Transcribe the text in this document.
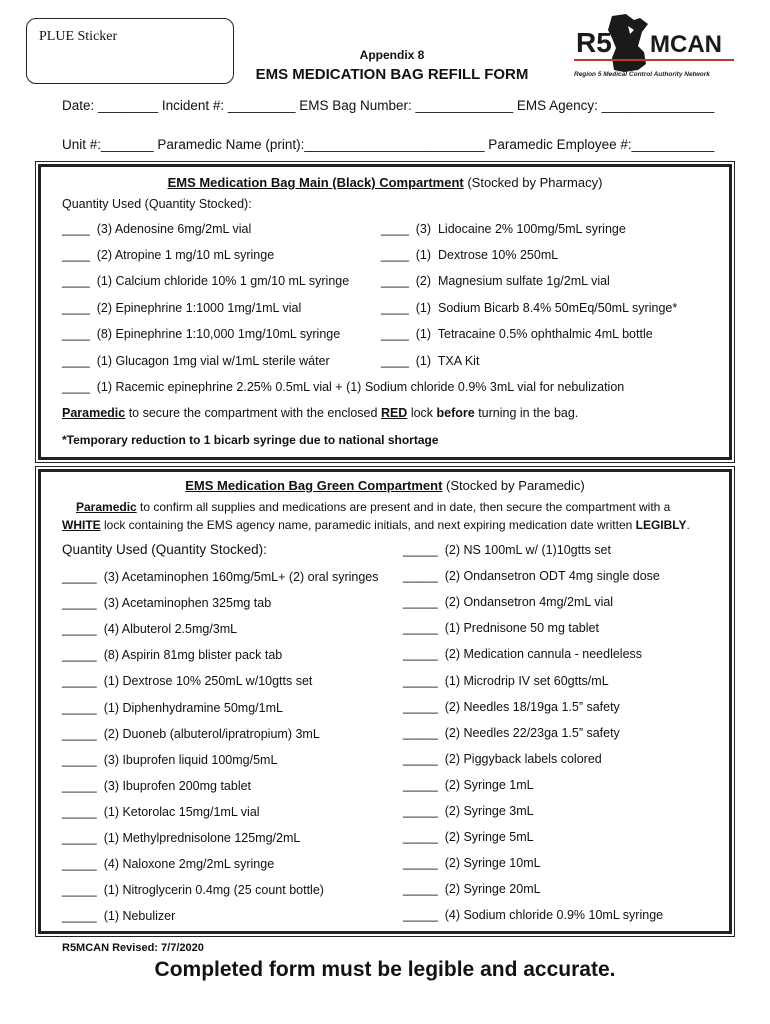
PLUE Sticker
Appendix 8
EMS MEDICATION BAG REFILL FORM
R5 MCAN
Region 5 Medical Control Authority Network
Date: ________ Incident #: _________ EMS Bag Number: _____________ EMS Agency: _______________
Unit #:_______ Paramedic Name (print):________________________ Paramedic Employee #:___________
EMS Medication Bag Main (Black) Compartment (Stocked by Pharmacy)
Quantity Used (Quantity Stocked):
____  (3) Adenosine 6mg/2mL vial
____  (2) Atropine 1 mg/10 mL syringe
____  (1) Calcium chloride 10% 1 gm/10 mL syringe
____  (2) Epinephrine 1:1000 1mg/1mL vial
____  (8) Epinephrine 1:10,000 1mg/10mL syringe
____  (1) Glucagon 1mg vial w/1mL sterile wáter
____  (3)  Lidocaine 2% 100mg/5mL syringe
____  (1)  Dextrose 10% 250mL
____  (2)  Magnesium sulfate 1g/2mL vial
____  (1)  Sodium Bicarb 8.4% 50mEq/50mL syringe*
____  (1)  Tetracaine 0.5% ophthalmic 4mL bottle
____  (1)  TXA Kit
____  (1) Racemic epinephrine 2.25% 0.5mL vial + (1) Sodium chloride 0.9% 3mL vial for nebulization
Paramedic to secure the compartment with the enclosed RED lock before turning in the bag.
*Temporary reduction to 1 bicarb syringe due to national shortage
EMS Medication Bag Green Compartment (Stocked by Paramedic)
Paramedic to confirm all supplies and medications are present and in date, then secure the compartment with a
WHITE lock containing the EMS agency name, paramedic initials, and next expiring medication date written LEGIBLY.
Quantity Used (Quantity Stocked):
R5MCAN Revised: 7/7/2020
Completed form must be legible and accurate.
_____  (3) Acetaminophen 160mg/5mL+ (2) oral syringes
_____  (3) Acetaminophen 325mg tab
_____  (4) Albuterol 2.5mg/3mL
_____  (8) Aspirin 81mg blister pack tab
_____  (1) Dextrose 10% 250mL w/10gtts set
_____  (1) Diphenhydramine 50mg/1mL
_____  (2) Duoneb (albuterol/ipratropium) 3mL
_____  (3) Ibuprofen liquid 100mg/5mL
_____  (3) Ibuprofen 200mg tablet
_____  (1) Ketorolac 15mg/1mL vial
_____  (1) Methylprednisolone 125mg/2mL
_____  (4) Naloxone 2mg/2mL syringe
_____  (1) Nitroglycerin 0.4mg (25 count bottle)
_____  (1) Nebulizer
_____  (2) NS 100mL w/ (1)10gtts set
_____  (2) Ondansetron ODT 4mg single dose
_____  (2) Ondansetron 4mg/2mL vial
_____  (1) Prednisone 50 mg tablet
_____  (2) Medication cannula - needleless
_____  (1) Microdrip IV set 60gtts/mL
_____  (2) Needles 18/19ga 1.5” safety
_____  (2) Needles 22/23ga 1.5” safety
_____  (2) Piggyback labels colored
_____  (2) Syringe 1mL
_____  (2) Syringe 3mL
_____  (2) Syringe 5mL
_____  (2) Syringe 10mL
_____  (2) Syringe 20mL
_____  (4) Sodium chloride 0.9% 10mL syringe
